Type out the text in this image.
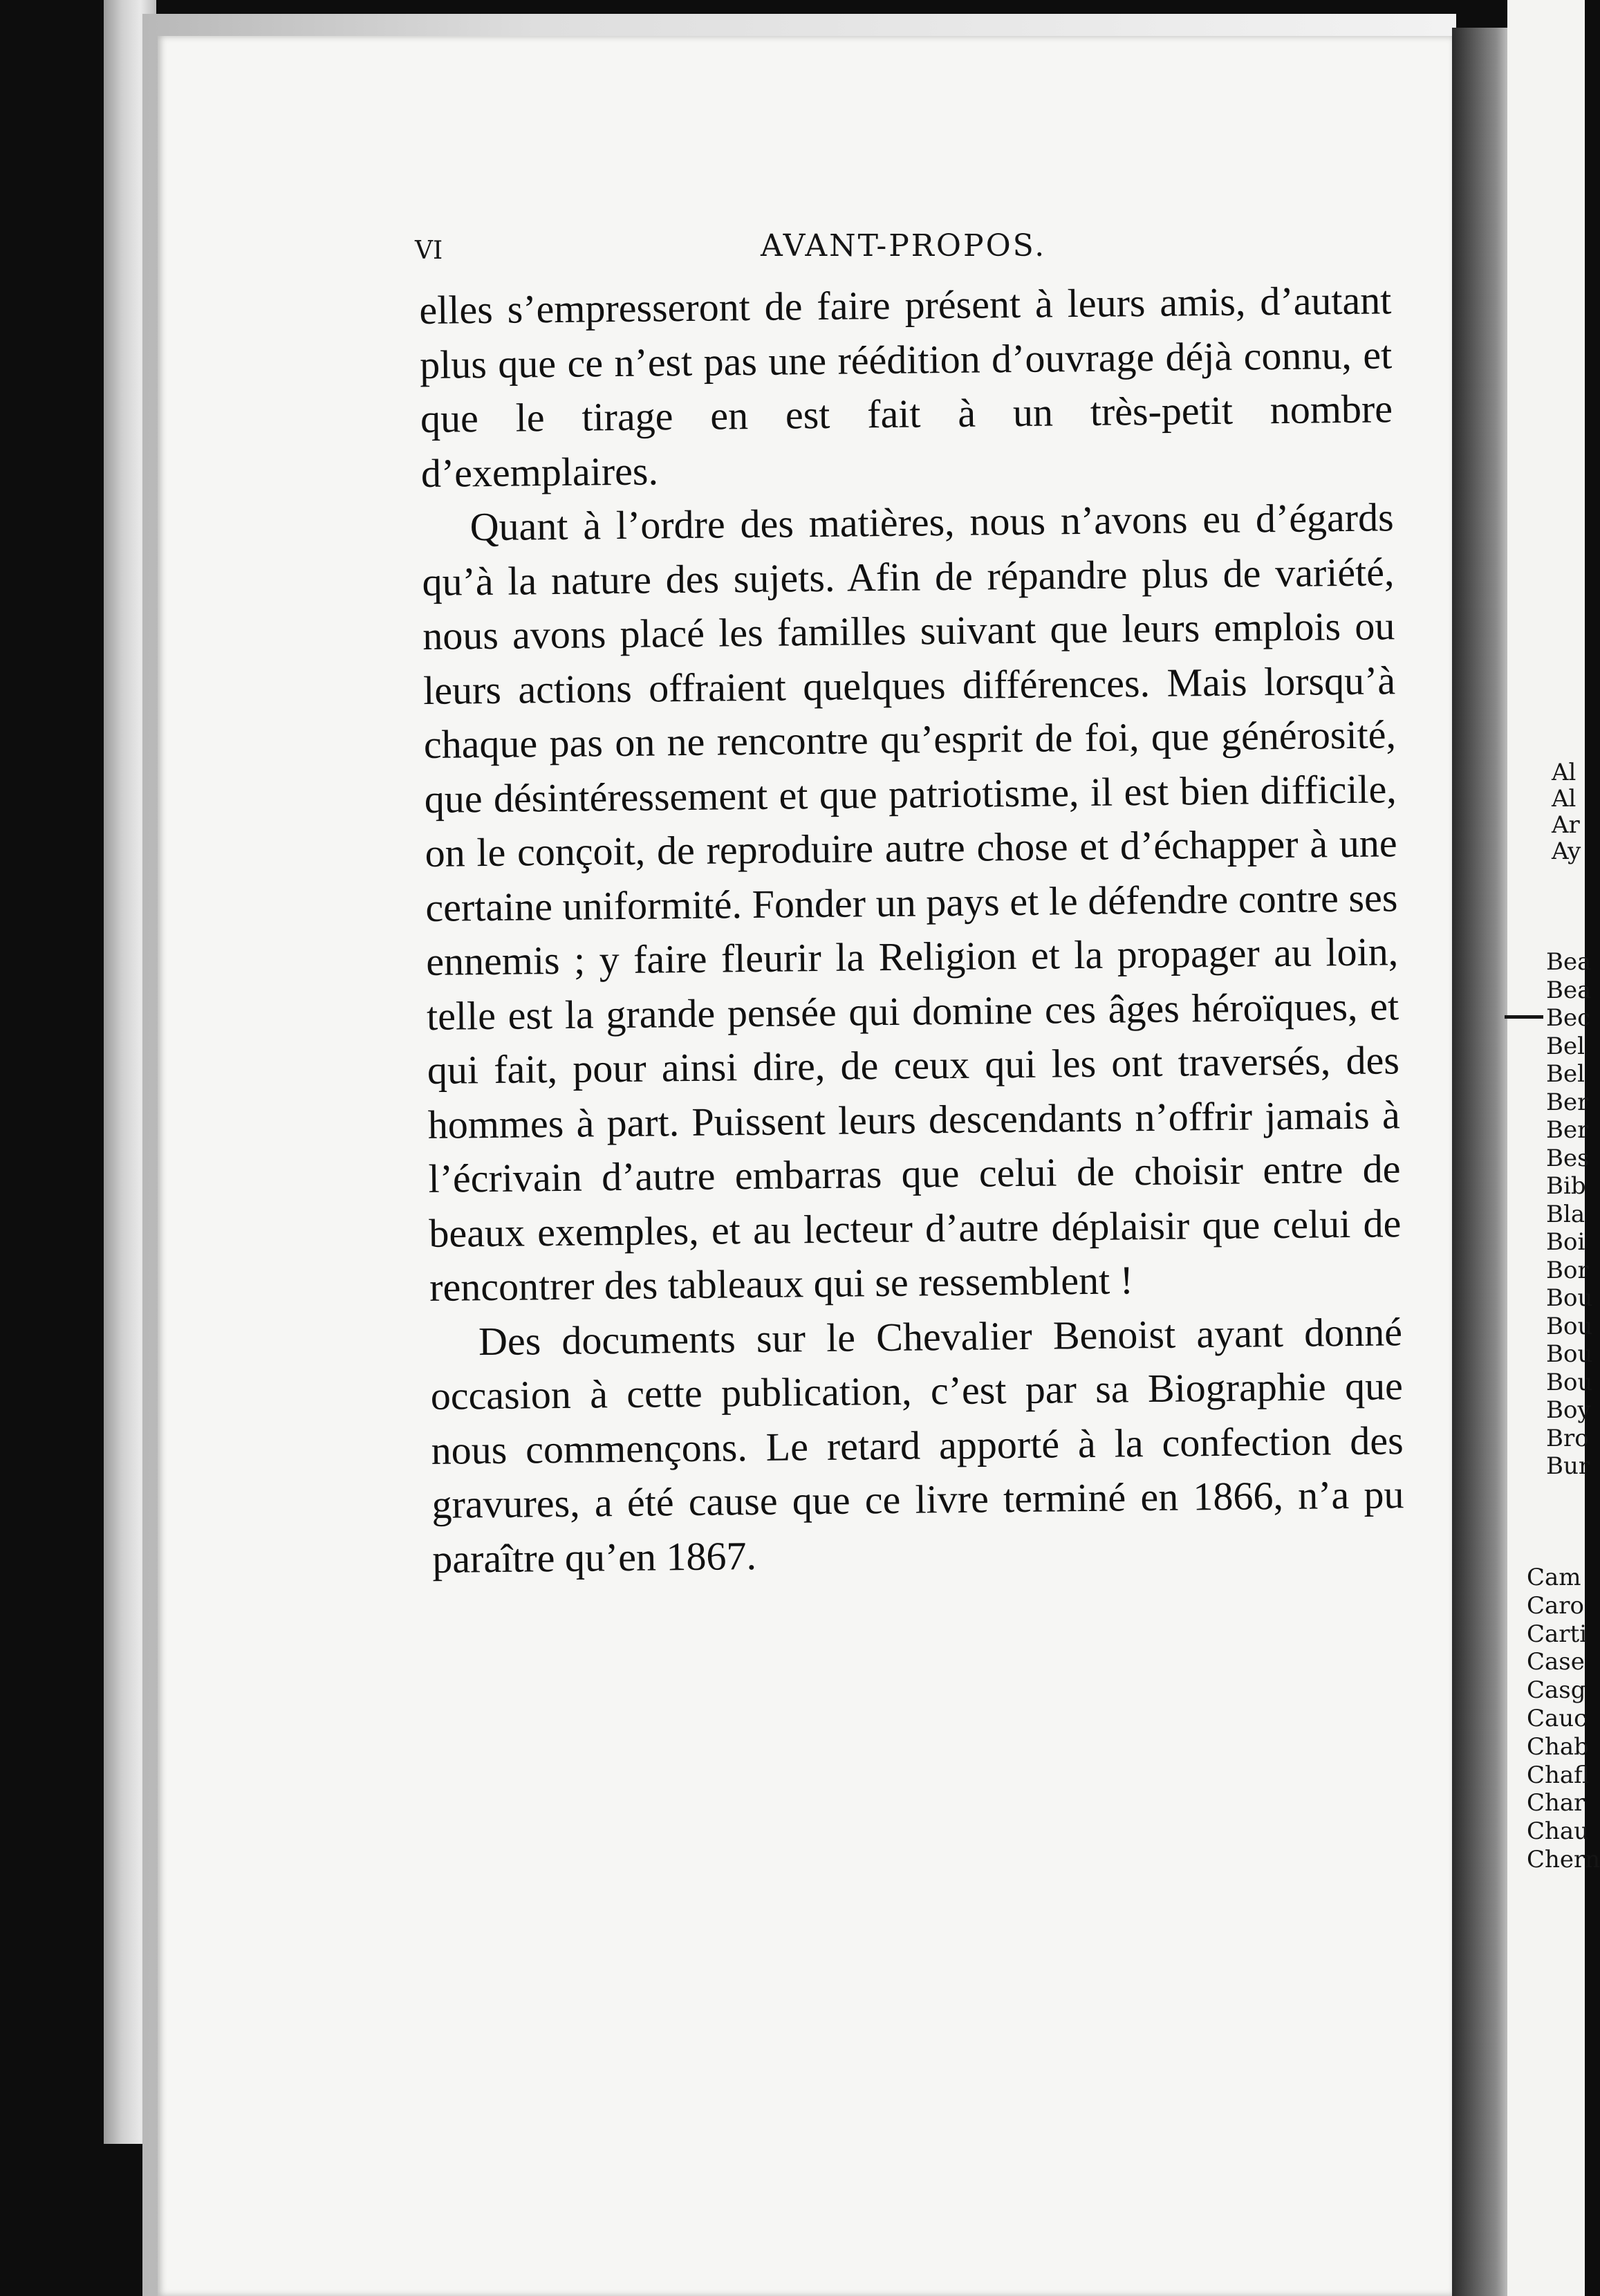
VI	AVANT-PROPOS.

elles s’empresseront de faire présent à leurs amis, d’autant plus que ce n’est pas une réédition d’ouvrage déjà connu, et que le tirage en est fait à un très-petit nombre d’exemplaires.

Quant à l’ordre des matières, nous n’avons eu d’égards qu’à la nature des sujets. Afin de répandre plus de variété, nous avons placé les familles suivant que leurs emplois ou leurs actions offraient quelques différences. Mais lorsqu’à chaque pas on ne rencontre qu’esprit de foi, que générosité, que désintéressement et que patriotisme, il est bien difficile, on le conçoit, de reproduire autre chose et d’échapper à une certaine uniformité. Fonder un pays et le défendre contre ses ennemis ; y faire fleurir la Religion et la propager au loin, telle est la grande pensée qui domine ces âges héroïques, et qui fait, pour ainsi dire, de ceux qui les ont traversés, des hommes à part. Puissent leurs descendants n’offrir jamais à l’écrivain d’autre embarras que celui de choisir entre de beaux exemples, et au lecteur d’autre déplaisir que celui de rencontrer des tableaux qui se ressemblent !

Des documents sur le Chevalier Benoist ayant donné occasion à cette publication, c’est par sa Biographie que nous commençons. Le retard apporté à la confection des gravures, a été cause que ce livre terminé en 1866, n’a pu paraître qu’en 1867.

Al
Al
Ar
Ay
Bea
Bea
Bec
Bel
Bel
Ber
Ber
Bes
Bib
Bla
Boi
Bor
Bou
Bou
Bou
Bou
Boy
Bro
Bur
Cam
Caro
Carti
Case
Casg
Cauc
Chab
Chafl
Char
Chau
Chern
